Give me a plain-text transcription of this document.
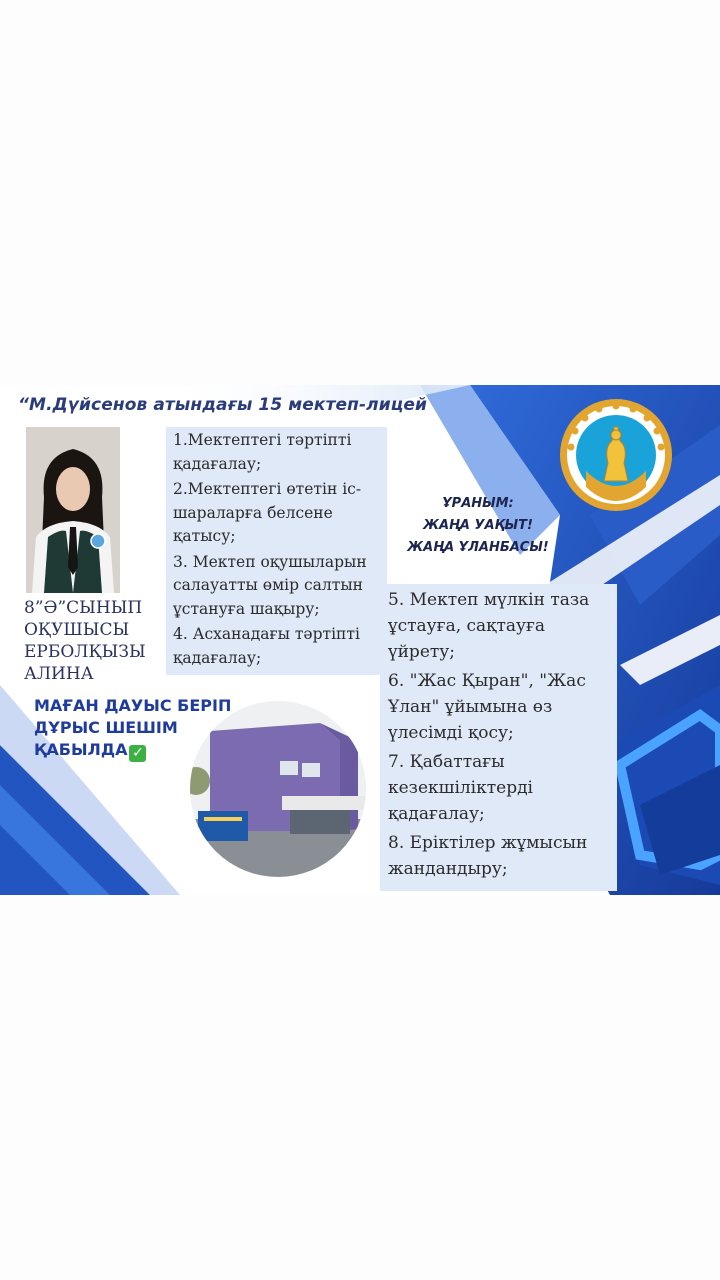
“М.Дүйсенов атындағы 15 мектеп-лицей
8”Ә”СЫНЫП
ОҚУШЫСЫ
ЕРБОЛҚЫЗЫ
АЛИНА

1.Мектептегі тәртіпті қадағалау;

2.Мектептегі өтетін іс-шараларға белсене қатысу;

3. Мектеп оқушыларын салауатты өмір салтын ұстануға шақыру;

4. Асханадағы тәртіпті қадағалау;

ҰРАНЫМ:
ЖАҢА УАҚЫТ!
ЖАҢА ҰЛАНБАСЫ!
МАҒАН ДАУЫС БЕРІП
ДҰРЫС ШЕШІМ
ҚАБЫЛДА ✓

5. Мектеп мүлкін таза ұстауға, сақтауға үйрету;

6. "Жас Қыран", "Жас Ұлан" ұйымына өз үлесімді қосу;

7. Қабаттағы кезекшіліктерді қадағалау;

8. Еріктілер жұмысын жандандыру;
